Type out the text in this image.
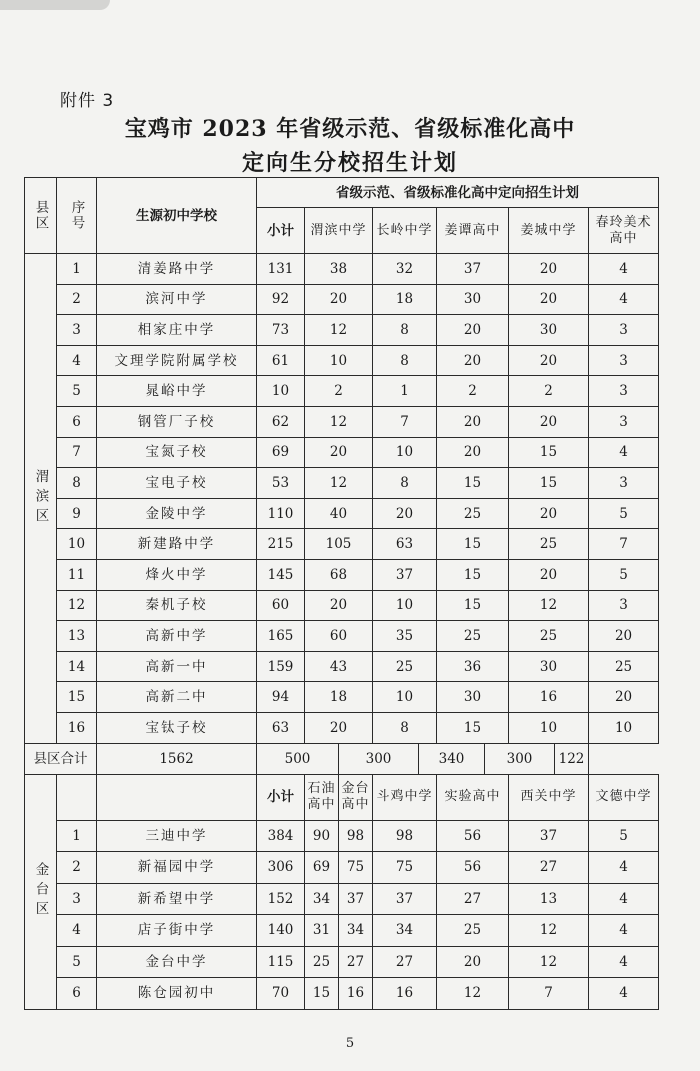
附件 3
宝鸡市 2023 年省级示范、省级标准化高中
定向生分校招生计划
县区	序号	生源初中学校	省级示范、省级标准化高中定向招生计划									
			小计	渭滨中学		长岭中学		姜谭高中		姜城中学		春玲美术高中
渭滨区	1	清姜路中学	131	38		32		37		20		4
	2	滨河中学	92	20		18		30		20		4
	3	相家庄中学	73	12		8		20		30		3
	4	文理学院附属学校	61	10		8		20		20		3
	5	晁峪中学	10	2		1		2		2		3
	6	钢管厂子校	62	12		7		20		20		3
	7	宝氮子校	69	20		10		20		15		4
	8	宝电子校	53	12		8		15		15		3
	9	金陵中学	110	40		20		25		20		5
	10	新建路中学	215	105		63		15		25		7
	11	烽火中学	145	68		37		15		20		5
	12	秦机子校	60	20		10		15		12		3
	13	高新中学	165	60		35		25		25		20
	14	高新一中	159	43		25		36		30		25
	15	高新二中	94	18		10		30		16		20
	16	宝钛子校	63	20		8		15		10		10
县区合计		1562	500		300		340		300		122	
金台区			小计	石油高中	金台高中	斗鸡中学		实验高中		西关中学		文德中学
	1	三迪中学	384	90	98	98		56		37		5
	2	新福园中学	306	69	75	75		56		27		4
	3	新希望中学	152	34	37	37		27		13		4
	4	店子街中学	140	31	34	34		25		12		4
	5	金台中学	115	25	27	27		20		12		4
	6	陈仓园初中	70	15	16	16		12		7		4
5
